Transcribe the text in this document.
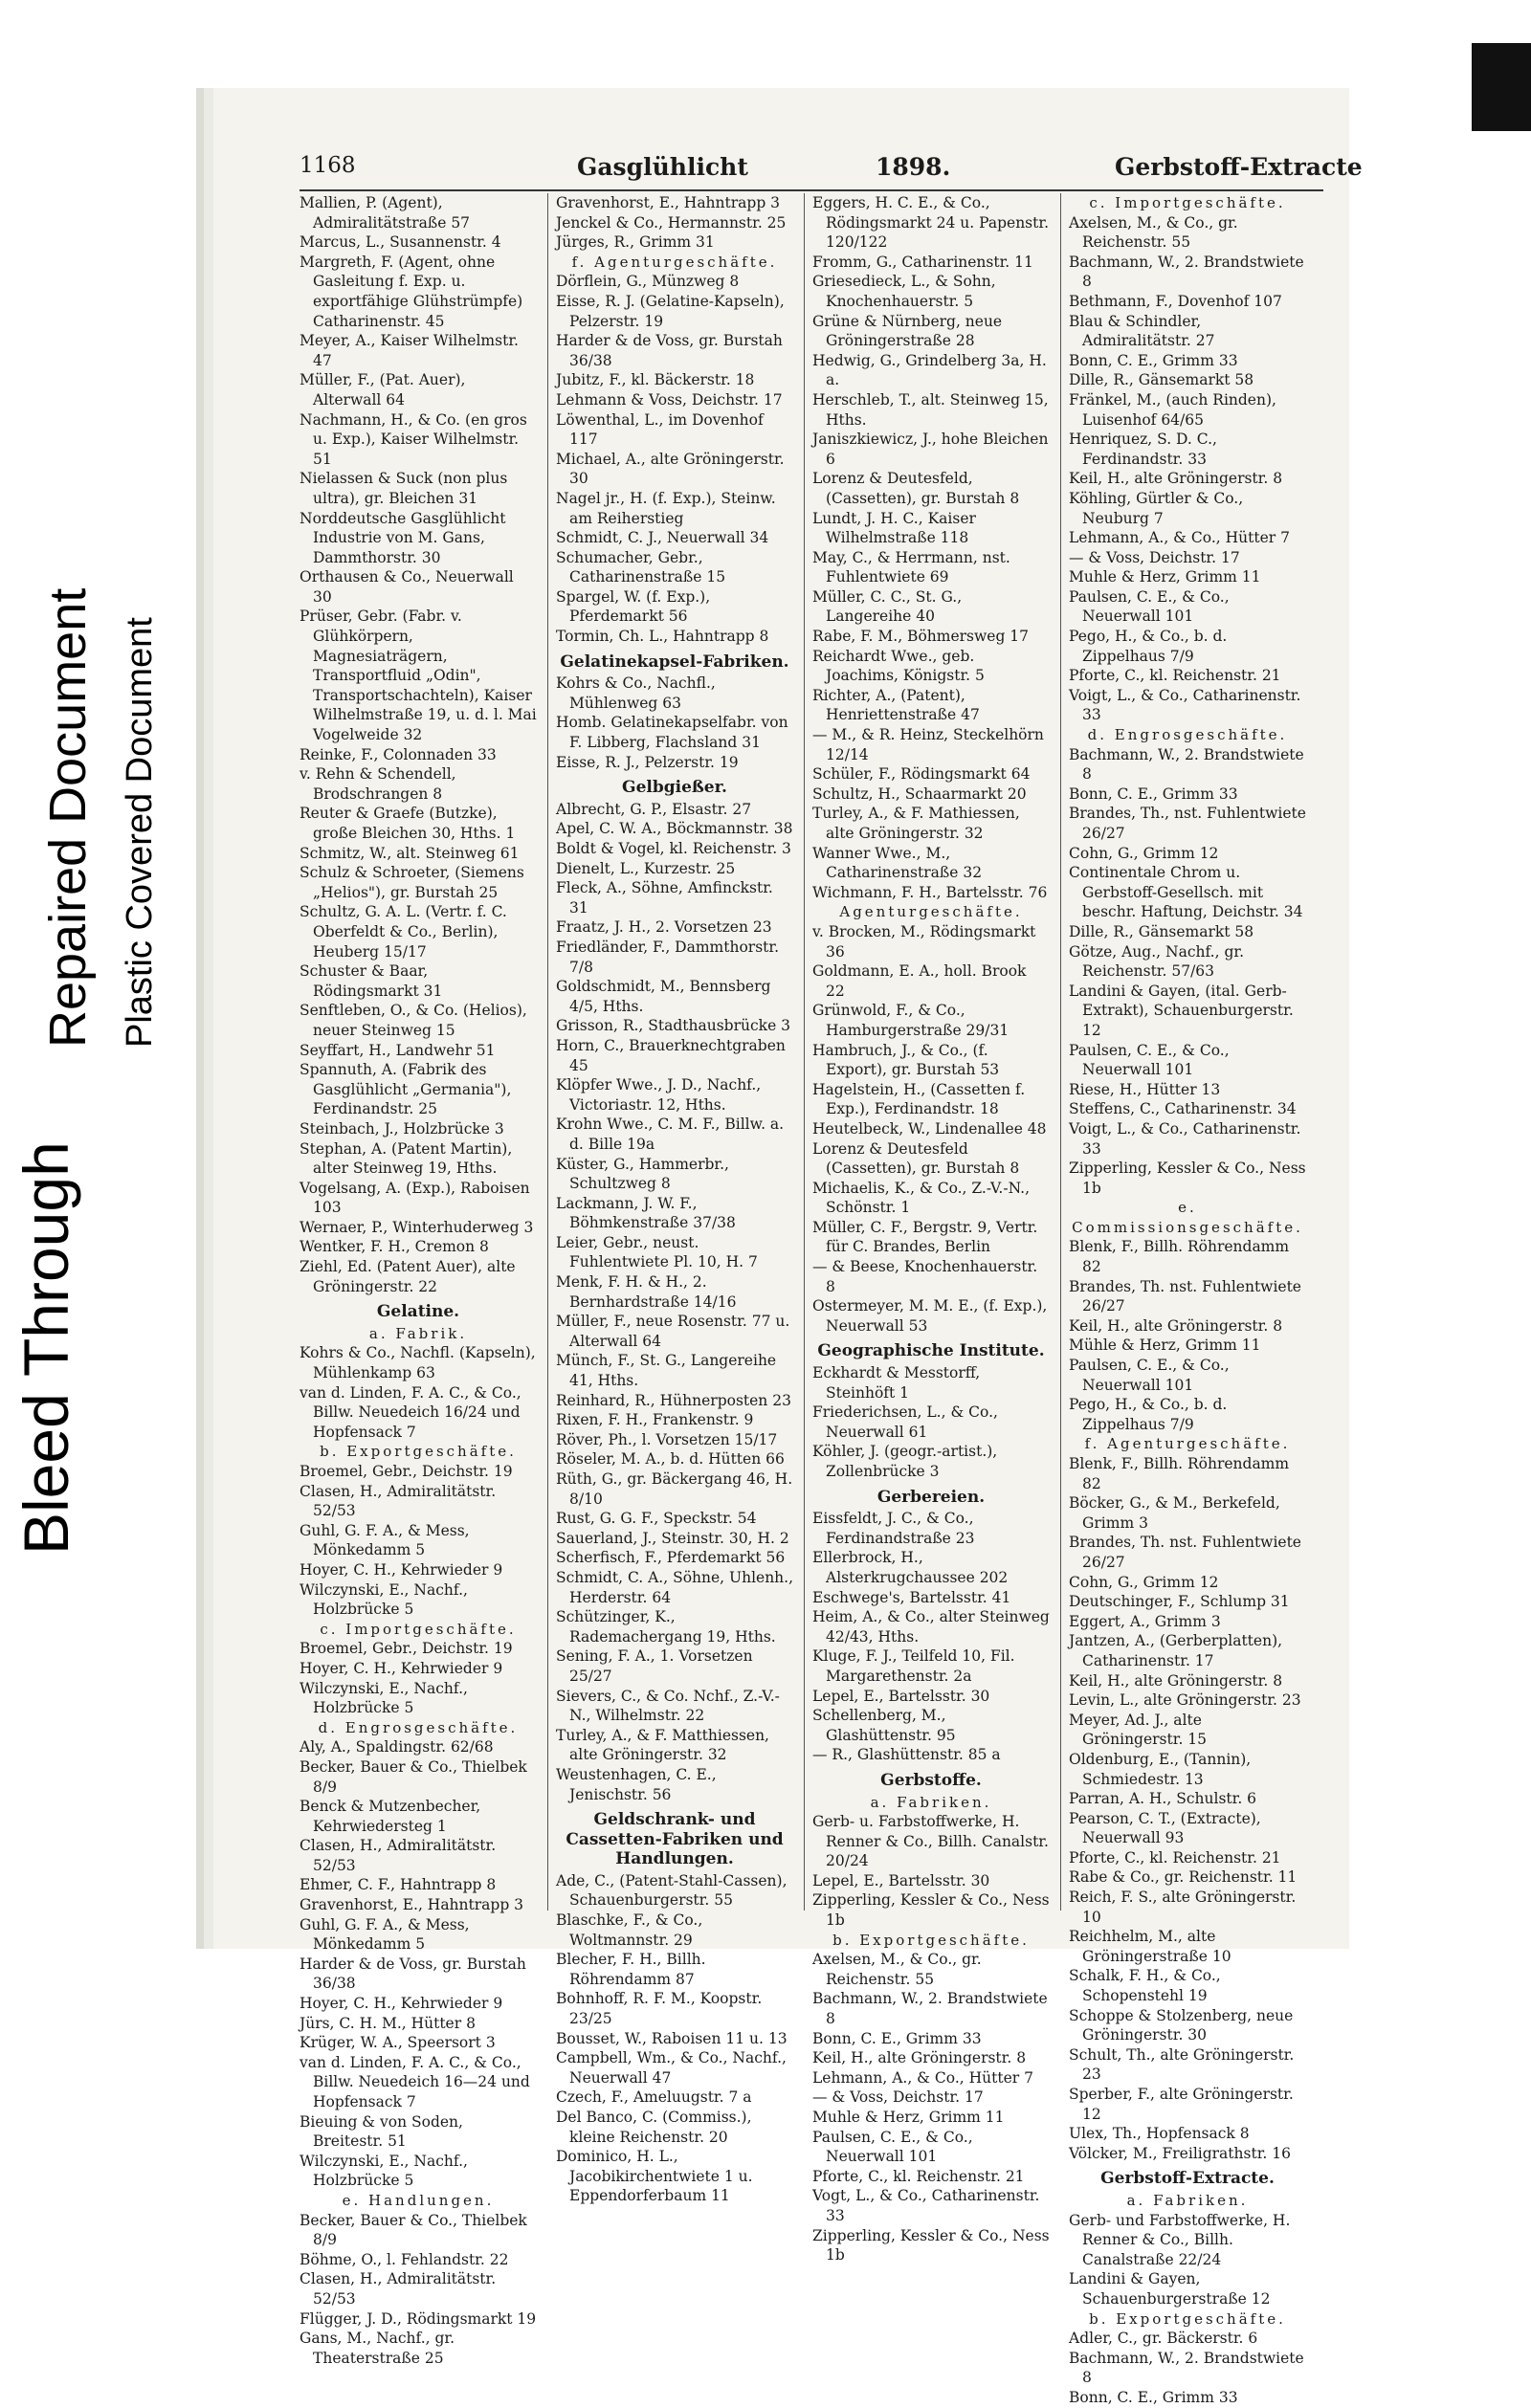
Bleed Through
Repaired Document Plastic Covered Document
1168	Gasglühlicht	1898.	Gerbstoff-Extracte

Mallien, P. (Agent), Admiralitätstraße 57

Marcus, L., Susannenstr. 4

Margreth, F. (Agent, ohne Gasleitung f. Exp. u. exportfähige Glühstrümpfe) Catharinenstr. 45

Meyer, A., Kaiser Wilhelmstr. 47

Müller, F., (Pat. Auer), Alterwall 64

Nachmann, H., & Co. (en gros u. Exp.), Kaiser Wilhelmstr. 51

Nielassen & Suck (non plus ultra), gr. Bleichen 31

Norddeutsche Gasglühlicht Industrie von M. Gans, Dammthorstr. 30

Orthausen & Co., Neuerwall 30

Prüser, Gebr. (Fabr. v. Glühkörpern, Magnesiaträgern, Transportfluid „Odin", Transportschachteln), Kaiser Wilhelmstraße 19, u. d. l. Mai Vogelweide 32

Reinke, F., Colonnaden 33

v. Rehn & Schendell, Brodschrangen 8

Reuter & Graefe (Butzke), große Bleichen 30, Hths. 1

Schmitz, W., alt. Steinweg 61

Schulz & Schroeter, (Siemens „Helios"), gr. Burstah 25

Schultz, G. A. L. (Vertr. f. C. Oberfeldt & Co., Berlin), Heuberg 15/17

Schuster & Baar, Rödingsmarkt 31

Senftleben, O., & Co. (Helios), neuer Steinweg 15

Seyffart, H., Landwehr 51

Spannuth, A. (Fabrik des Gasglühlicht „Germania"), Ferdinandstr. 25

Steinbach, J., Holzbrücke 3

Stephan, A. (Patent Martin), alter Steinweg 19, Hths.

Vogelsang, A. (Exp.), Raboisen 103

Wernaer, P., Winterhuderweg 3

Wentker, F. H., Cremon 8

Ziehl, Ed. (Patent Auer), alte Gröningerstr. 22

Gelatine.

a. Fabrik.

Kohrs & Co., Nachfl. (Kapseln), Mühlenkamp 63

van d. Linden, F. A. C., & Co., Billw. Neuedeich 16/24 und Hopfensack 7

b. Exportgeschäfte.

Broemel, Gebr., Deichstr. 19

Clasen, H., Admiralitätstr. 52/53

Guhl, G. F. A., & Mess, Mönkedamm 5

Hoyer, C. H., Kehrwieder 9

Wilczynski, E., Nachf., Holzbrücke 5

c. Importgeschäfte.

Broemel, Gebr., Deichstr. 19

Hoyer, C. H., Kehrwieder 9

Wilczynski, E., Nachf., Holzbrücke 5

d. Engrosgeschäfte.

Aly, A., Spaldingstr. 62/68

Becker, Bauer & Co., Thielbek 8/9

Benck & Mutzenbecher, Kehrwiedersteg 1

Clasen, H., Admiralitätstr. 52/53

Ehmer, C. F., Hahntrapp 8

Gravenhorst, E., Hahntrapp 3

Guhl, G. F. A., & Mess, Mönkedamm 5

Harder & de Voss, gr. Burstah 36/38

Hoyer, C. H., Kehrwieder 9

Jürs, C. H. M., Hütter 8

Krüger, W. A., Speersort 3

van d. Linden, F. A. C., & Co., Billw. Neuedeich 16—24 und Hopfensack 7

Bieuing & von Soden, Breitestr. 51

Wilczynski, E., Nachf., Holzbrücke 5

e. Handlungen.

Becker, Bauer & Co., Thielbek 8/9

Böhme, O., l. Fehlandstr. 22

Clasen, H., Admiralitätstr. 52/53

Flügger, J. D., Rödingsmarkt 19

Gans, M., Nachf., gr. Theaterstraße 25

Gravenhorst, E., Hahntrapp 3

Jenckel & Co., Hermannstr. 25

Jürges, R., Grimm 31

f. Agenturgeschäfte.

Dörflein, G., Münzweg 8

Eisse, R. J. (Gelatine-Kapseln), Pelzerstr. 19

Harder & de Voss, gr. Burstah 36/38

Jubitz, F., kl. Bäckerstr. 18

Lehmann & Voss, Deichstr. 17

Löwenthal, L., im Dovenhof 117

Michael, A., alte Gröningerstr. 30

Nagel jr., H. (f. Exp.), Steinw. am Reiherstieg

Schmidt, C. J., Neuerwall 34

Schumacher, Gebr., Catharinenstraße 15

Spargel, W. (f. Exp.), Pferdemarkt 56

Tormin, Ch. L., Hahntrapp 8

Gelatinekapsel-Fabriken.

Kohrs & Co., Nachfl., Mühlenweg 63

Homb. Gelatinekapselfabr. von F. Libberg, Flachsland 31

Eisse, R. J., Pelzerstr. 19

Gelbgießer.

Albrecht, G. P., Elsastr. 27

Apel, C. W. A., Böckmannstr. 38

Boldt & Vogel, kl. Reichenstr. 3

Dienelt, L., Kurzestr. 25

Fleck, A., Söhne, Amfinckstr. 31

Fraatz, J. H., 2. Vorsetzen 23

Friedländer, F., Dammthorstr. 7/8

Goldschmidt, M., Bennsberg 4/5, Hths.

Grisson, R., Stadthausbrücke 3

Horn, C., Brauerknechtgraben 45

Klöpfer Wwe., J. D., Nachf., Victoriastr. 12, Hths.

Krohn Wwe., C. M. F., Billw. a. d. Bille 19a

Küster, G., Hammerbr., Schultzweg 8

Lackmann, J. W. F., Böhmkenstraße 37/38

Leier, Gebr., neust. Fuhlentwiete Pl. 10, H. 7

Menk, F. H. & H., 2. Bernhardstraße 14/16

Müller, F., neue Rosenstr. 77 u. Alterwall 64

Münch, F., St. G., Langereihe 41, Hths.

Reinhard, R., Hühnerposten 23

Rixen, F. H., Frankenstr. 9

Röver, Ph., l. Vorsetzen 15/17

Röseler, M. A., b. d. Hütten 66

Rüth, G., gr. Bäckergang 46, H. 8/10

Rust, G. G. F., Speckstr. 54

Sauerland, J., Steinstr. 30, H. 2

Scherfisch, F., Pferdemarkt 56

Schmidt, C. A., Söhne, Uhlenh., Herderstr. 64

Schützinger, K., Rademachergang 19, Hths.

Sening, F. A., 1. Vorsetzen 25/27

Sievers, C., & Co. Nchf., Z.-V.-N., Wilhelmstr. 22

Turley, A., & F. Matthiessen, alte Gröningerstr. 32

Weustenhagen, C. E., Jenischstr. 56

Geldschrank- und Cassetten-Fabriken und Handlungen.

Ade, C., (Patent-Stahl-Cassen), Schauenburgerstr. 55

Blaschke, F., & Co., Woltmannstr. 29

Blecher, F. H., Billh. Röhrendamm 87

Bohnhoff, R. F. M., Koopstr. 23/25

Bousset, W., Raboisen 11 u. 13

Campbell, Wm., & Co., Nachf., Neuerwall 47

Czech, F., Ameluugstr. 7 a

Del Banco, C. (Commiss.), kleine Reichenstr. 20

Dominico, H. L., Jacobikirchentwiete 1 u. Eppendorferbaum 11

Eggers, H. C. E., & Co., Rödingsmarkt 24 u. Papenstr. 120/122

Fromm, G., Catharinenstr. 11

Griesedieck, L., & Sohn, Knochenhauerstr. 5

Grüne & Nürnberg, neue Gröningerstraße 28

Hedwig, G., Grindelberg 3a, H. a.

Herschleb, T., alt. Steinweg 15, Hths.

Janiszkiewicz, J., hohe Bleichen 6

Lorenz & Deutesfeld, (Cassetten), gr. Burstah 8

Lundt, J. H. C., Kaiser Wilhelmstraße 118

May, C., & Herrmann, nst. Fuhlentwiete 69

Müller, C. C., St. G., Langereihe 40

Rabe, F. M., Böhmersweg 17

Reichardt Wwe., geb. Joachims, Königstr. 5

Richter, A., (Patent), Henriettenstraße 47

— M., & R. Heinz, Steckelhörn 12/14

Schüler, F., Rödingsmarkt 64

Schultz, H., Schaarmarkt 20

Turley, A., & F. Mathiessen, alte Gröningerstr. 32

Wanner Wwe., M., Catharinenstraße 32

Wichmann, F. H., Bartelsstr. 76

Agenturgeschäfte.

v. Brocken, M., Rödingsmarkt 36

Goldmann, E. A., holl. Brook 22

Grünwold, F., & Co., Hamburgerstraße 29/31

Hambruch, J., & Co., (f. Export), gr. Burstah 53

Hagelstein, H., (Cassetten f. Exp.), Ferdinandstr. 18

Heutelbeck, W., Lindenallee 48

Lorenz & Deutesfeld (Cassetten), gr. Burstah 8

Michaelis, K., & Co., Z.-V.-N., Schönstr. 1

Müller, C. F., Bergstr. 9, Vertr. für C. Brandes, Berlin

— & Beese, Knochenhauerstr. 8

Ostermeyer, M. M. E., (f. Exp.), Neuerwall 53

Geographische Institute.

Eckhardt & Messtorff, Steinhöft 1

Friederichsen, L., & Co., Neuerwall 61

Köhler, J. (geogr.-artist.), Zollenbrücke 3

Gerbereien.

Eissfeldt, J. C., & Co., Ferdinandstraße 23

Ellerbrock, H., Alsterkrugchaussee 202

Eschwege's, Bartelsstr. 41

Heim, A., & Co., alter Steinweg 42/43, Hths.

Kluge, F. J., Teilfeld 10, Fil. Margarethenstr. 2a

Lepel, E., Bartelsstr. 30

Schellenberg, M., Glashüttenstr. 95

— R., Glashüttenstr. 85 a

Gerbstoffe.

a. Fabriken.

Gerb- u. Farbstoffwerke, H. Renner & Co., Billh. Canalstr. 20/24

Lepel, E., Bartelsstr. 30

Zipperling, Kessler & Co., Ness 1b

b. Exportgeschäfte.

Axelsen, M., & Co., gr. Reichenstr. 55

Bachmann, W., 2. Brandstwiete 8

Bonn, C. E., Grimm 33

Keil, H., alte Gröningerstr. 8

Lehmann, A., & Co., Hütter 7

— & Voss, Deichstr. 17

Muhle & Herz, Grimm 11

Paulsen, C. E., & Co., Neuerwall 101

Pforte, C., kl. Reichenstr. 21

Vogt, L., & Co., Catharinenstr. 33

Zipperling, Kessler & Co., Ness 1b

c. Importgeschäfte.

Axelsen, M., & Co., gr. Reichenstr. 55

Bachmann, W., 2. Brandstwiete 8

Bethmann, F., Dovenhof 107

Blau & Schindler, Admiralitätstr. 27

Bonn, C. E., Grimm 33

Dille, R., Gänsemarkt 58

Fränkel, M., (auch Rinden), Luisenhof 64/65

Henriquez, S. D. C., Ferdinandstr. 33

Keil, H., alte Gröningerstr. 8

Köhling, Gürtler & Co., Neuburg 7

Lehmann, A., & Co., Hütter 7

— & Voss, Deichstr. 17

Muhle & Herz, Grimm 11

Paulsen, C. E., & Co., Neuerwall 101

Pego, H., & Co., b. d. Zippelhaus 7/9

Pforte, C., kl. Reichenstr. 21

Voigt, L., & Co., Catharinenstr. 33

d. Engrosgeschäfte.

Bachmann, W., 2. Brandstwiete 8

Bonn, C. E., Grimm 33

Brandes, Th., nst. Fuhlentwiete 26/27

Cohn, G., Grimm 12

Continentale Chrom u. Gerbstoff-Gesellsch. mit beschr. Haftung, Deichstr. 34

Dille, R., Gänsemarkt 58

Götze, Aug., Nachf., gr. Reichenstr. 57/63

Landini & Gayen, (ital. Gerb-Extrakt), Schauenburgerstr. 12

Paulsen, C. E., & Co., Neuerwall 101

Riese, H., Hütter 13

Steffens, C., Catharinenstr. 34

Voigt, L., & Co., Catharinenstr. 33

Zipperling, Kessler & Co., Ness 1b

e. Commissionsgeschäfte.

Blenk, F., Billh. Röhrendamm 82

Brandes, Th. nst. Fuhlentwiete 26/27

Keil, H., alte Gröningerstr. 8

Mühle & Herz, Grimm 11

Paulsen, C. E., & Co., Neuerwall 101

Pego, H., & Co., b. d. Zippelhaus 7/9

f. Agenturgeschäfte.

Blenk, F., Billh. Röhrendamm 82

Böcker, G., & M., Berkefeld, Grimm 3

Brandes, Th. nst. Fuhlentwiete 26/27

Cohn, G., Grimm 12

Deutschinger, F., Schlump 31

Eggert, A., Grimm 3

Jantzen, A., (Gerberplatten), Catharinenstr. 17

Keil, H., alte Gröningerstr. 8

Levin, L., alte Gröningerstr. 23

Meyer, Ad. J., alte Gröningerstr. 15

Oldenburg, E., (Tannin), Schmiedestr. 13

Parran, A. H., Schulstr. 6

Pearson, C. T., (Extracte), Neuerwall 93

Pforte, C., kl. Reichenstr. 21

Rabe & Co., gr. Reichenstr. 11

Reich, F. S., alte Gröningerstr. 10

Reichhelm, M., alte Gröningerstraße 10

Schalk, F. H., & Co., Schopenstehl 19

Schoppe & Stolzenberg, neue Gröningerstr. 30

Schult, Th., alte Gröningerstr. 23

Sperber, F., alte Gröningerstr. 12

Ulex, Th., Hopfensack 8

Völcker, M., Freiligrathstr. 16

Gerbstoff-Extracte.

a. Fabriken.

Gerb- und Farbstoffwerke, H. Renner & Co., Billh. Canalstraße 22/24

Landini & Gayen, Schauenburgerstraße 12

b. Exportgeschäfte.

Adler, C., gr. Bäckerstr. 6

Bachmann, W., 2. Brandstwiete 8

Bonn, C. E., Grimm 33
